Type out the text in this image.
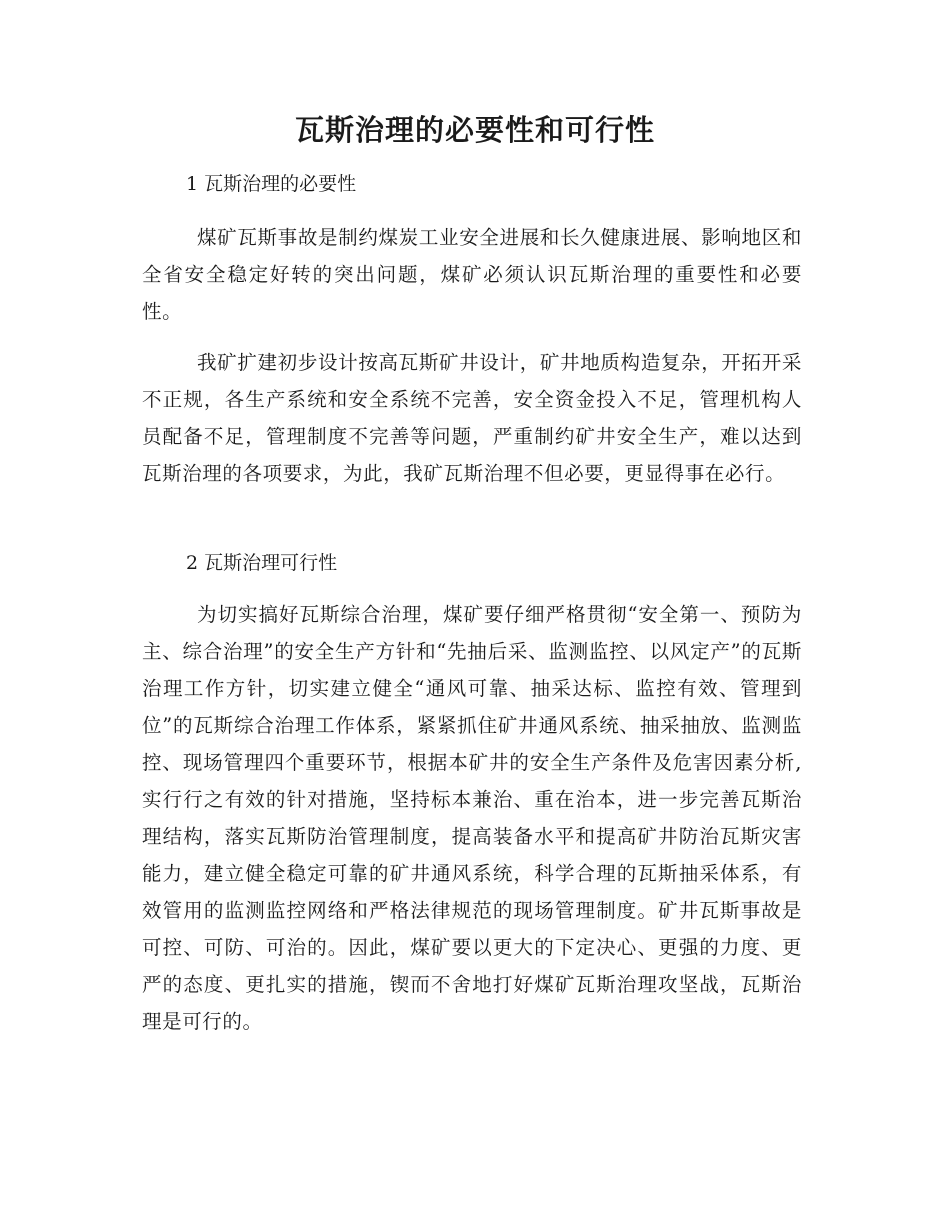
瓦斯治理的必要性和可行性
1 瓦斯治理的必要性

煤矿瓦斯事故是制约煤炭工业安全进展和长久健康进展、影响地区和全省安全稳定好转的突出问题，煤矿必须认识瓦斯治理的重要性和必要性。

我矿扩建初步设计按高瓦斯矿井设计，矿井地质构造复杂，开拓开采不正规，各生产系统和安全系统不完善，安全资金投入不足，管理机构人员配备不足，管理制度不完善等问题，严重制约矿井安全生产，难以达到瓦斯治理的各项要求，为此，我矿瓦斯治理不但必要，更显得事在必行。

2 瓦斯治理可行性

为切实搞好瓦斯综合治理，煤矿要仔细严格贯彻“安全第一、预防为主、综合治理”的安全生产方针和“先抽后采、监测监控、以风定产”的瓦斯治理工作方针，切实建立健全“通风可靠、抽采达标、监控有效、管理到位”的瓦斯综合治理工作体系，紧紧抓住矿井通风系统、抽采抽放、监测监控、现场管理四个重要环节，根据本矿井的安全生产条件及危害因素分析,实行行之有效的针对措施，坚持标本兼治、重在治本，进一步完善瓦斯治理结构，落实瓦斯防治管理制度，提高装备水平和提高矿井防治瓦斯灾害能力，建立健全稳定可靠的矿井通风系统，科学合理的瓦斯抽采体系，有效管用的监测监控网络和严格法律规范的现场管理制度。矿井瓦斯事故是可控、可防、可治的。因此，煤矿要以更大的下定决心、更强的力度、更严的态度、更扎实的措施，锲而不舍地打好煤矿瓦斯治理攻坚战，瓦斯治理是可行的。
